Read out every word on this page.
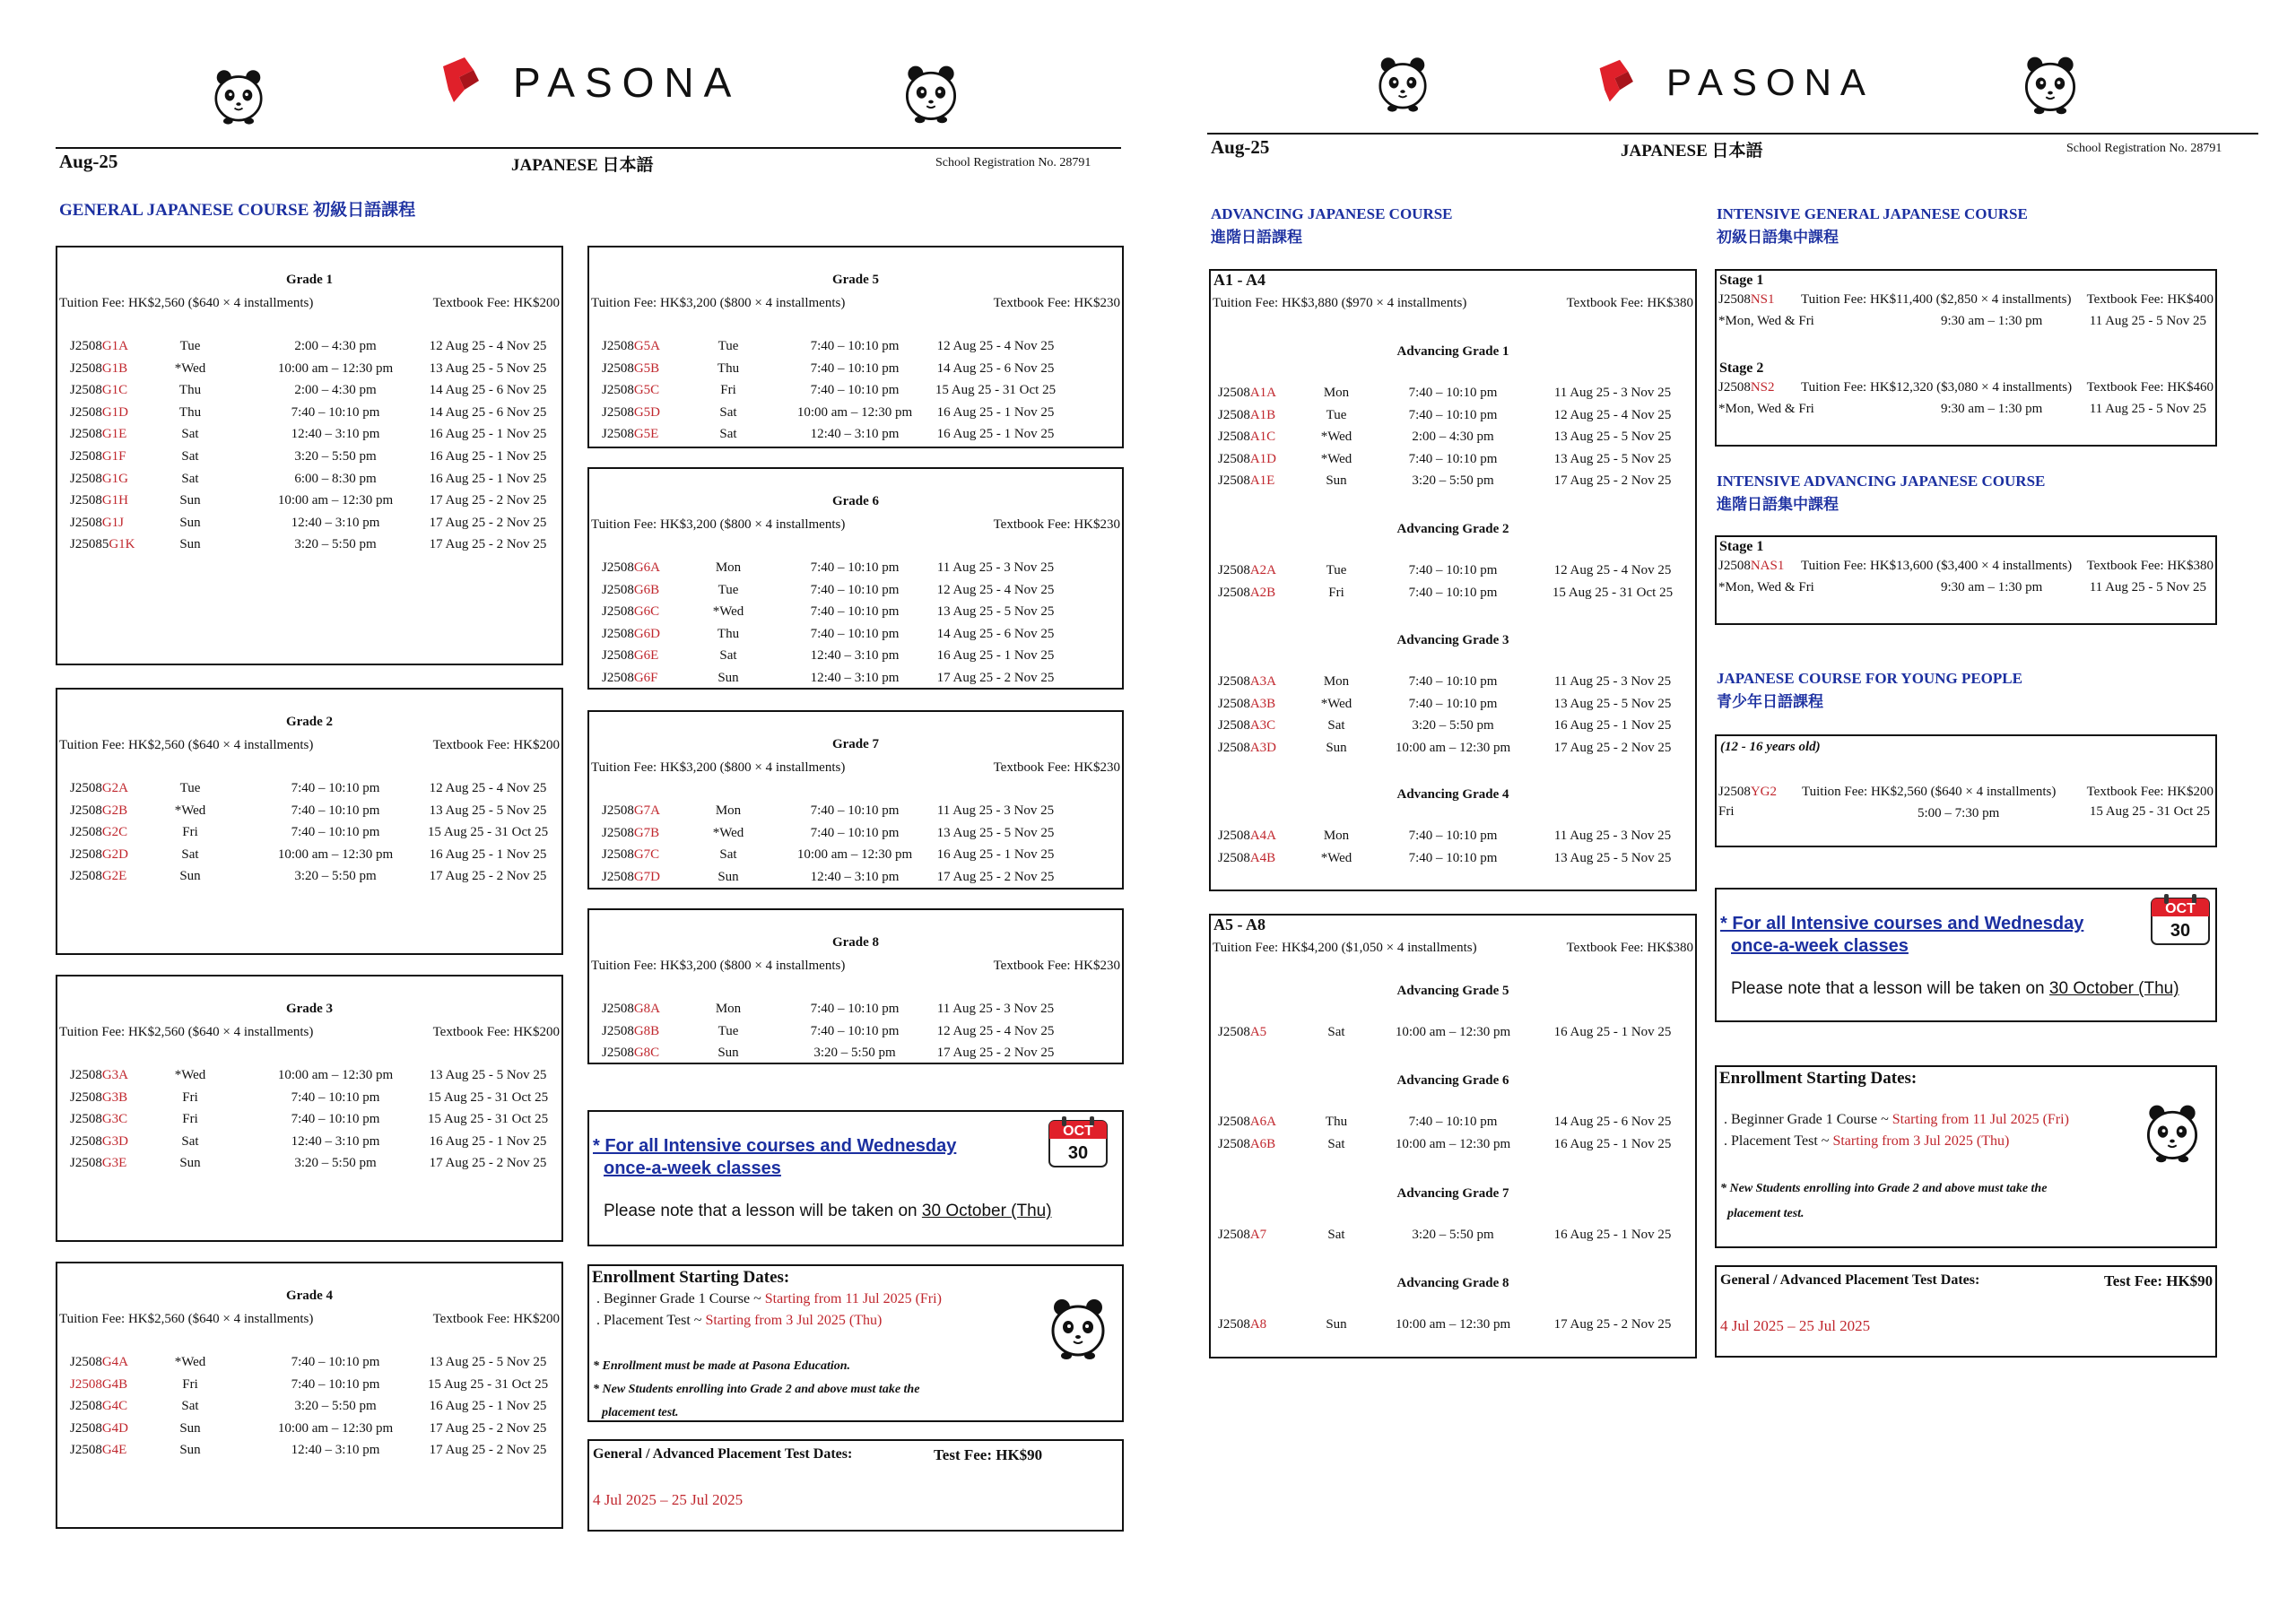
PASONA
Aug-25	JAPANESE 日本語	School Registration No. 28791
GENERAL JAPANESE COURSE 初級日語課程
Grade 1
Tuition Fee: HK$2,560 ($640 × 4 installments)	Textbook Fee: HK$200
J2508G1A	Tue	2:00 – 4:30 pm	12 Aug 25 - 4 Nov 25
J2508G1B	*Wed	10:00 am – 12:30 pm	13 Aug 25 - 5 Nov 25
J2508G1C	Thu	2:00 – 4:30 pm	14 Aug 25 - 6 Nov 25
J2508G1D	Thu	7:40 – 10:10 pm	14 Aug 25 - 6 Nov 25
J2508G1E	Sat	12:40 – 3:10 pm	16 Aug 25 - 1 Nov 25
J2508G1F	Sat	3:20 – 5:50 pm	16 Aug 25 - 1 Nov 25
J2508G1G	Sat	6:00 – 8:30 pm	16 Aug 25 - 1 Nov 25
J2508G1H	Sun	10:00 am – 12:30 pm	17 Aug 25 - 2 Nov 25
J2508G1J	Sun	12:40 – 3:10 pm	17 Aug 25 - 2 Nov 25
J25085G1K	Sun	3:20 – 5:50 pm	17 Aug 25 - 2 Nov 25
Grade 2
Tuition Fee: HK$2,560 ($640 × 4 installments)	Textbook Fee: HK$200
J2508G2A	Tue	7:40 – 10:10 pm	12 Aug 25 - 4 Nov 25
J2508G2B	*Wed	7:40 – 10:10 pm	13 Aug 25 - 5 Nov 25
J2508G2C	Fri	7:40 – 10:10 pm	15 Aug 25 - 31 Oct 25
J2508G2D	Sat	10:00 am – 12:30 pm	16 Aug 25 - 1 Nov 25
J2508G2E	Sun	3:20 – 5:50 pm	17 Aug 25 - 2 Nov 25
Grade 3
Tuition Fee: HK$2,560 ($640 × 4 installments)	Textbook Fee: HK$200
J2508G3A	*Wed	10:00 am – 12:30 pm	13 Aug 25 - 5 Nov 25
J2508G3B	Fri	7:40 – 10:10 pm	15 Aug 25 - 31 Oct 25
J2508G3C	Fri	7:40 – 10:10 pm	15 Aug 25 - 31 Oct 25
J2508G3D	Sat	12:40 – 3:10 pm	16 Aug 25 - 1 Nov 25
J2508G3E	Sun	3:20 – 5:50 pm	17 Aug 25 - 2 Nov 25
Grade 4
Tuition Fee: HK$2,560 ($640 × 4 installments)	Textbook Fee: HK$200
J2508G4A	*Wed	7:40 – 10:10 pm	13 Aug 25 - 5 Nov 25
J2508G4B	Fri	7:40 – 10:10 pm	15 Aug 25 - 31 Oct 25
J2508G4C	Sat	3:20 – 5:50 pm	16 Aug 25 - 1 Nov 25
J2508G4D	Sun	10:00 am – 12:30 pm	17 Aug 25 - 2 Nov 25
J2508G4E	Sun	12:40 – 3:10 pm	17 Aug 25 - 2 Nov 25
Grade 5
Tuition Fee: HK$3,200 ($800 × 4 installments)	Textbook Fee: HK$230
J2508G5A	Tue	7:40 – 10:10 pm	12 Aug 25 - 4 Nov 25
J2508G5B	Thu	7:40 – 10:10 pm	14 Aug 25 - 6 Nov 25
J2508G5C	Fri	7:40 – 10:10 pm	15 Aug 25 - 31 Oct 25
J2508G5D	Sat	10:00 am – 12:30 pm 16 Aug 25 - 1 Nov 25
J2508G5E	Sat	12:40 – 3:10 pm	16 Aug 25 - 1 Nov 25
Grade 6
Tuition Fee: HK$3,200 ($800 × 4 installments)	Textbook Fee: HK$230
J2508G6A	Mon	7:40 – 10:10 pm	11 Aug 25 - 3 Nov 25
J2508G6B	Tue	7:40 – 10:10 pm	12 Aug 25 - 4 Nov 25
J2508G6C	*Wed	7:40 – 10:10 pm	13 Aug 25 - 5 Nov 25
J2508G6D	Thu	7:40 – 10:10 pm	14 Aug 25 - 6 Nov 25
J2508G6E	Sat	12:40 – 3:10 pm	16 Aug 25 - 1 Nov 25
J2508G6F	Sun	12:40 – 3:10 pm	17 Aug 25 - 2 Nov 25
Grade 7
Tuition Fee: HK$3,200 ($800 × 4 installments)	Textbook Fee: HK$230
J2508G7A	Mon	7:40 – 10:10 pm	11 Aug 25 - 3 Nov 25
J2508G7B	*Wed	7:40 – 10:10 pm	13 Aug 25 - 5 Nov 25
J2508G7C	Sat	10:00 am – 12:30 pm 16 Aug 25 - 1 Nov 25
J2508G7D	Sun	12:40 – 3:10 pm	17 Aug 25 - 2 Nov 25
Grade 8
Tuition Fee: HK$3,200 ($800 × 4 installments)	Textbook Fee: HK$230
J2508G8A	Mon	7:40 – 10:10 pm	11 Aug 25 - 3 Nov 25
J2508G8B	Tue	7:40 – 10:10 pm	12 Aug 25 - 4 Nov 25
J2508G8C	Sun	3:20 – 5:50 pm	17 Aug 25 - 2 Nov 25
* For all Intensive courses and Wednesday
once-a-week classes
Please note that a lesson will be taken on 30 October (Thu)
OCT
30
Enrollment Starting Dates:
. Beginner Grade 1 Course ~ Starting from 11 Jul 2025 (Fri)
. Placement Test ~ Starting from 3 Jul 2025 (Thu)
* Enrollment must be made at Pasona Education.
* New Students enrolling into Grade 2 and above must take the
placement test.
General / Advanced Placement Test Dates:	Test Fee: HK$90
4 Jul 2025 – 25 Jul 2025
PASONA
Aug-25	JAPANESE 日本語	School Registration No. 28791
ADVANCING JAPANESE COURSE
進階日語課程
A1 - A4
Tuition Fee: HK$3,880 ($970 × 4 installments)	Textbook Fee: HK$380
Advancing Grade 1
J2508A1A	Mon	7:40 – 10:10 pm	11 Aug 25 - 3 Nov 25
J2508A1B	Tue	7:40 – 10:10 pm	12 Aug 25 - 4 Nov 25
J2508A1C	*Wed	2:00 – 4:30 pm	13 Aug 25 - 5 Nov 25
J2508A1D	*Wed	7:40 – 10:10 pm	13 Aug 25 - 5 Nov 25
J2508A1E	Sun	3:20 – 5:50 pm	17 Aug 25 - 2 Nov 25
Advancing Grade 2
J2508A2A	Tue	7:40 – 10:10 pm	12 Aug 25 - 4 Nov 25
J2508A2B	Fri	7:40 – 10:10 pm	15 Aug 25 - 31 Oct 25
Advancing Grade 3
J2508A3A	Mon	7:40 – 10:10 pm	11 Aug 25 - 3 Nov 25
J2508A3B	*Wed	7:40 – 10:10 pm	13 Aug 25 - 5 Nov 25
J2508A3C	Sat	3:20 – 5:50 pm	16 Aug 25 - 1 Nov 25
J2508A3D	Sun	10:00 am – 12:30 pm	17 Aug 25 - 2 Nov 25
Advancing Grade 4
J2508A4A	Mon	7:40 – 10:10 pm	11 Aug 25 - 3 Nov 25
J2508A4B	*Wed	7:40 – 10:10 pm	13 Aug 25 - 5 Nov 25
A5 - A8
Tuition Fee: HK$4,200 ($1,050 × 4 installments)	Textbook Fee: HK$380
Advancing Grade 5
J2508A5	Sat	10:00 am – 12:30 pm	16 Aug 25 - 1 Nov 25
Advancing Grade 6
J2508A6A	Thu	7:40 – 10:10 pm	14 Aug 25 - 6 Nov 25
J2508A6B	Sat	10:00 am – 12:30 pm	16 Aug 25 - 1 Nov 25
Advancing Grade 7
J2508A7	Sat	3:20 – 5:50 pm	16 Aug 25 - 1 Nov 25
Advancing Grade 8
J2508A8	Sun	10:00 am – 12:30 pm	17 Aug 25 - 2 Nov 25
INTENSIVE GENERAL JAPANESE COURSE
初級日語集中課程
Stage 1
J2508NS1 Tuition Fee: HK$11,400 ($2,850 × 4 installments) Textbook Fee: HK$400
*Mon, Wed & Fri	9:30 am – 1:30 pm	11 Aug 25 - 5 Nov 25
Stage 2
J2508NS2 Tuition Fee: HK$12,320 ($3,080 × 4 installments) Textbook Fee: HK$460
*Mon, Wed & Fri	9:30 am – 1:30 pm	11 Aug 25 - 5 Nov 25
INTENSIVE ADVANCING JAPANESE COURSE
進階日語集中課程
Stage 1
J2508NAS1 Tuition Fee: HK$13,600 ($3,400 × 4 installments) Textbook Fee: HK$380
*Mon, Wed & Fri	9:30 am – 1:30 pm	11 Aug 25 - 5 Nov 25
JAPANESE COURSE FOR YOUNG PEOPLE
青少年日語課程
(12 - 16 years old)
J2508YG2 Tuition Fee: HK$2,560 ($640 × 4 installments) Textbook Fee: HK$200
Fri	5:00 – 7:30 pm	15 Aug 25 - 31 Oct 25
* For all Intensive courses and Wednesday
once-a-week classes
Please note that a lesson will be taken on 30 October (Thu)
OCT
30
Enrollment Starting Dates:
. Beginner Grade 1 Course ~ Starting from 11 Jul 2025 (Fri)
. Placement Test ~ Starting from 3 Jul 2025 (Thu)
* New Students enrolling into Grade 2 and above must take the
placement test.
General / Advanced Placement Test Dates:	Test Fee: HK$90
4 Jul 2025 – 25 Jul 2025
